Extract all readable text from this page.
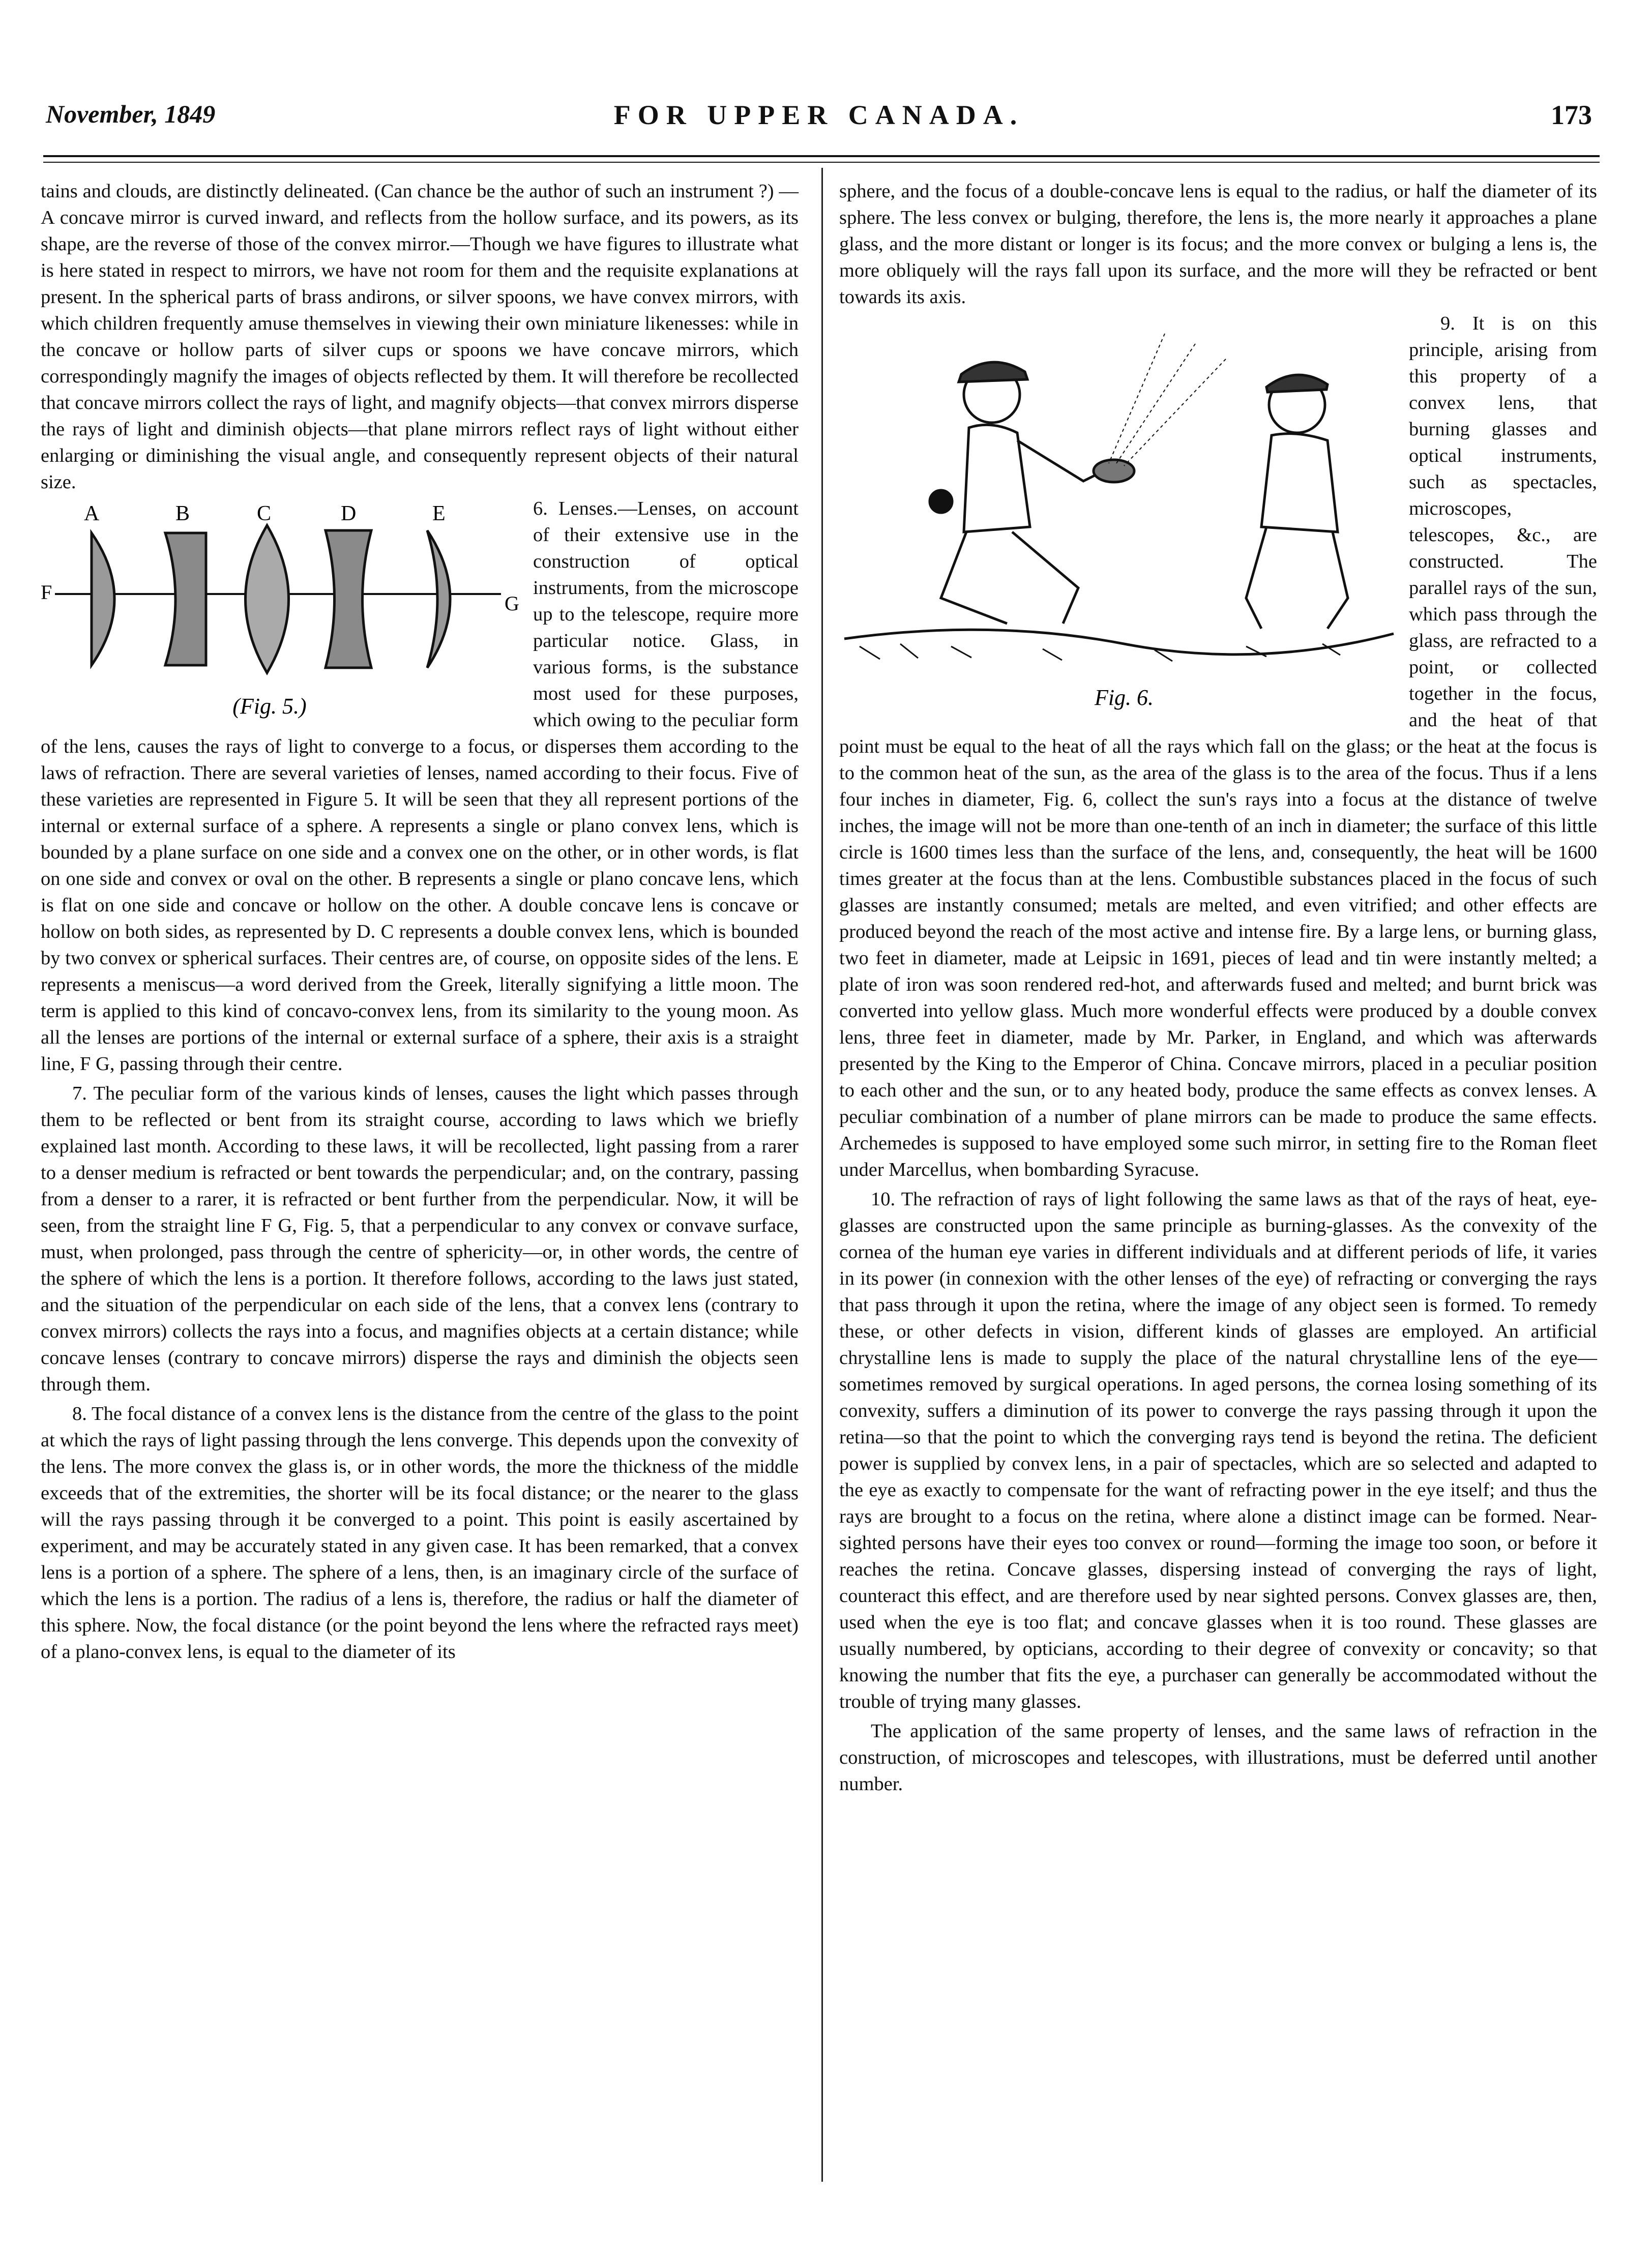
November, 1849	FOR UPPER CANADA.	173

tains and clouds, are distinctly delineated. (Can chance be the author of such an instrument ?) —A concave mirror is curved inward, and reflects from the hollow surface, and its powers, as its shape, are the reverse of those of the convex mirror.—Though we have figures to illustrate what is here stated in respect to mirrors, we have not room for them and the requisite explanations at present. In the spherical parts of brass andirons, or silver spoons, we have convex mirrors, with which children frequently amuse themselves in viewing their own miniature likenesses: while in the concave or hollow parts of silver cups or spoons we have concave mirrors, which correspondingly magnify the images of objects reflected by them. It will therefore be recollected that concave mirrors collect the rays of light, and magnify objects—that convex mirrors disperse the rays of light and diminish objects—that plane mirrors reflect rays of light without either enlarging or diminishing the visual angle, and consequently represent objects of their natural size.

A	B	C	D	E
F	G
(Fig. 5.)

6. Lenses.—Lenses, on account of their extensive use in the construction of optical instruments, from the microscope up to the telescope, require more particular notice. Glass, in various forms, is the substance most used for these purposes, which owing to the peculiar form of the lens, causes the rays of light to converge to a focus, or disperses them according to the laws of refraction. There are several varieties of lenses, named according to their focus. Five of these varieties are represented in Figure 5. It will be seen that they all represent portions of the internal or external surface of a sphere. A represents a single or plano convex lens, which is bounded by a plane surface on one side and a convex one on the other, or in other words, is flat on one side and convex or oval on the other. B represents a single or plano concave lens, which is flat on one side and concave or hollow on the other. A double concave lens is concave or hollow on both sides, as represented by D. C represents a double convex lens, which is bounded by two convex or spherical surfaces. Their centres are, of course, on opposite sides of the lens. E represents a meniscus—a word derived from the Greek, literally signifying a little moon. The term is applied to this kind of concavo-convex lens, from its similarity to the young moon. As all the lenses are portions of the internal or external surface of a sphere, their axis is a straight line, F G, passing through their centre.

7. The peculiar form of the various kinds of lenses, causes the light which passes through them to be reflected or bent from its straight course, according to laws which we briefly explained last month. According to these laws, it will be recollected, light passing from a rarer to a denser medium is refracted or bent towards the perpendicular; and, on the contrary, passing from a denser to a rarer, it is refracted or bent further from the perpendicular. Now, it will be seen, from the straight line F G, Fig. 5, that a perpendicular to any convex or convave surface, must, when prolonged, pass through the centre of sphericity—or, in other words, the centre of the sphere of which the lens is a portion. It therefore follows, according to the laws just stated, and the situation of the perpendicular on each side of the lens, that a convex lens (contrary to convex mirrors) collects the rays into a focus, and magnifies objects at a certain distance; while concave lenses (contrary to concave mirrors) disperse the rays and diminish the objects seen through them.

8. The focal distance of a convex lens is the distance from the centre of the glass to the point at which the rays of light passing through the lens converge. This depends upon the convexity of the lens. The more convex the glass is, or in other words, the more the thickness of the middle exceeds that of the extremities, the shorter will be its focal distance; or the nearer to the glass will the rays passing through it be converged to a point. This point is easily ascertained by experiment, and may be accurately stated in any given case. It has been remarked, that a convex lens is a portion of a sphere. The sphere of a lens, then, is an imaginary circle of the surface of which the lens is a portion. The radius of a lens is, therefore, the radius or half the diameter of this sphere. Now, the focal distance (or the point beyond the lens where the refracted rays meet) of a plano-convex lens, is equal to the diameter of its

sphere, and the focus of a double-concave lens is equal to the radius, or half the diameter of its sphere. The less convex or bulging, therefore, the lens is, the more nearly it approaches a plane glass, and the more distant or longer is its focus; and the more convex or bulging a lens is, the more obliquely will the rays fall upon its surface, and the more will they be refracted or bent towards its axis.

Fig. 6.

9. It is on this principle, arising from this property of a convex lens, that burning glasses and optical instruments, such as spectacles, microscopes, telescopes, &c., are constructed. The parallel rays of the sun, which pass through the glass, are refracted to a point, or collected together in the focus, and the heat of that point must be equal to the heat of all the rays which fall on the glass; or the heat at the focus is to the common heat of the sun, as the area of the glass is to the area of the focus. Thus if a lens four inches in diameter, Fig. 6, collect the sun's rays into a focus at the distance of twelve inches, the image will not be more than one-tenth of an inch in diameter; the surface of this little circle is 1600 times less than the surface of the lens, and, consequently, the heat will be 1600 times greater at the focus than at the lens. Combustible substances placed in the focus of such glasses are instantly consumed; metals are melted, and even vitrified; and other effects are produced beyond the reach of the most active and intense fire. By a large lens, or burning glass, two feet in diameter, made at Leipsic in 1691, pieces of lead and tin were instantly melted; a plate of iron was soon rendered red-hot, and afterwards fused and melted; and burnt brick was converted into yellow glass. Much more wonderful effects were produced by a double convex lens, three feet in diameter, made by Mr. Parker, in England, and which was afterwards presented by the King to the Emperor of China. Concave mirrors, placed in a peculiar position to each other and the sun, or to any heated body, produce the same effects as convex lenses. A peculiar combination of a number of plane mirrors can be made to produce the same effects. Archemedes is supposed to have employed some such mirror, in setting fire to the Roman fleet under Marcellus, when bombarding Syracuse.

10. The refraction of rays of light following the same laws as that of the rays of heat, eye-glasses are constructed upon the same principle as burning-glasses. As the convexity of the cornea of the human eye varies in different individuals and at different periods of life, it varies in its power (in connexion with the other lenses of the eye) of refracting or converging the rays that pass through it upon the retina, where the image of any object seen is formed. To remedy these, or other defects in vision, different kinds of glasses are employed. An artificial chrystalline lens is made to supply the place of the natural chrystalline lens of the eye—sometimes removed by surgical operations. In aged persons, the cornea losing something of its convexity, suffers a diminution of its power to converge the rays passing through it upon the retina—so that the point to which the converging rays tend is beyond the retina. The deficient power is supplied by convex lens, in a pair of spectacles, which are so selected and adapted to the eye as exactly to compensate for the want of refracting power in the eye itself; and thus the rays are brought to a focus on the retina, where alone a distinct image can be formed. Near-sighted persons have their eyes too convex or round—forming the image too soon, or before it reaches the retina. Concave glasses, dispersing instead of converging the rays of light, counteract this effect, and are therefore used by near sighted persons. Convex glasses are, then, used when the eye is too flat; and concave glasses when it is too round. These glasses are usually numbered, by opticians, according to their degree of convexity or concavity; so that knowing the number that fits the eye, a purchaser can generally be accommodated without the trouble of trying many glasses.

The application of the same property of lenses, and the same laws of refraction in the construction, of microscopes and telescopes, with illustrations, must be deferred until another number.
